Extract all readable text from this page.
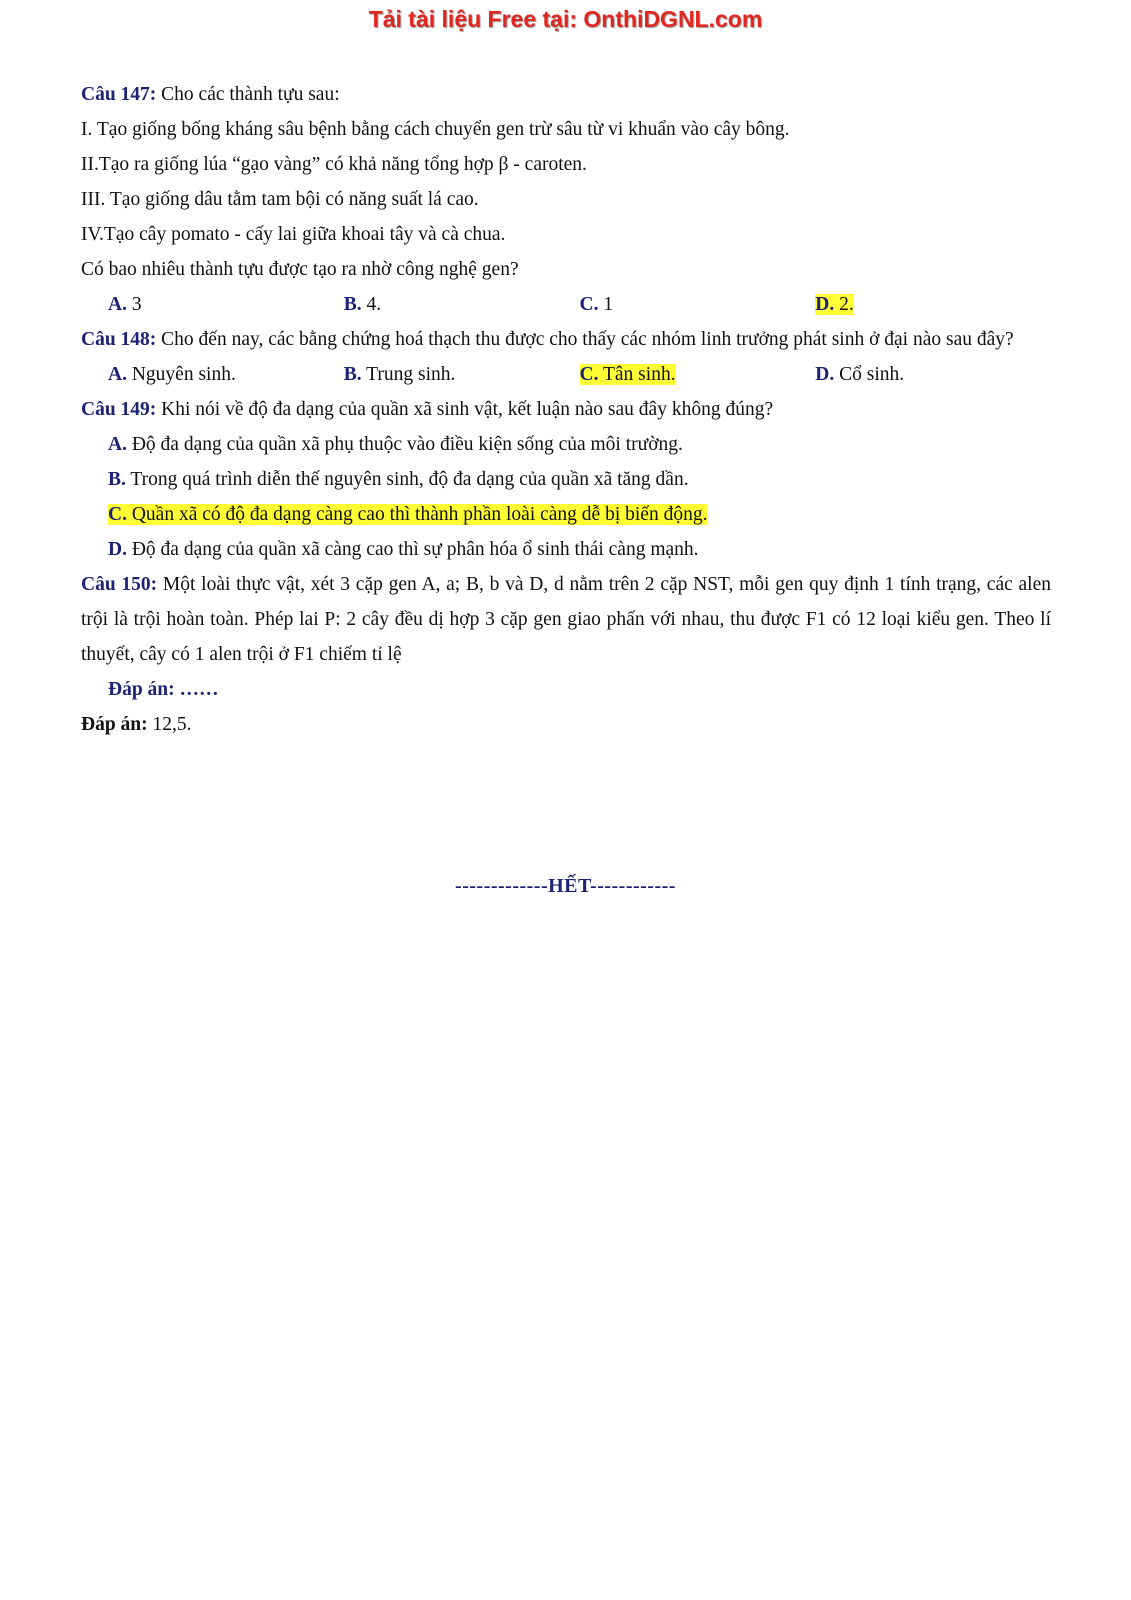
Tải tài liệu Free tại: OnthiDGNL.com
Câu 147: Cho các thành tựu sau:
I. Tạo giống bống kháng sâu bệnh bằng cách chuyển gen trừ sâu từ vi khuẩn vào cây bông.
II.Tạo ra giống lúa “gạo vàng” có khả năng tổng hợp β - caroten.
III. Tạo giống dâu tằm tam bội có năng suất lá cao.
IV.Tạo cây pomato - cấy lai giữa khoai tây và cà chua.
Có bao nhiêu thành tựu được tạo ra nhờ công nghệ gen?
A. 3	B. 4.	C. 1	D. 2.
Câu 148: Cho đến nay, các bằng chứng hoá thạch thu được cho thấy các nhóm linh trưởng phát sinh ở đại nào sau đây?
A. Nguyên sinh.	B. Trung sinh.	C. Tân sinh.	D. Cổ sinh.
Câu 149: Khi nói về độ đa dạng của quần xã sinh vật, kết luận nào sau đây không đúng?
A. Độ đa dạng của quần xã phụ thuộc vào điều kiện sống của môi trường.
B. Trong quá trình diễn thế nguyên sinh, độ đa dạng của quần xã tăng dần.
C. Quần xã có độ đa dạng càng cao thì thành phần loài càng dễ bị biến động.
D. Độ đa dạng của quần xã càng cao thì sự phân hóa ổ sinh thái càng mạnh.
Câu 150: Một loài thực vật, xét 3 cặp gen A, a; B, b và D, d nằm trên 2 cặp NST, mỗi gen quy định 1 tính trạng, các alen trội là trội hoàn toàn. Phép lai P: 2 cây đều dị hợp 3 cặp gen giao phấn với nhau, thu được F1 có 12 loại kiểu gen. Theo lí thuyết, cây có 1 alen trội ở F1 chiếm tỉ lệ
Đáp án: ……
Đáp án: 12,5.
-------------HẾT------------
